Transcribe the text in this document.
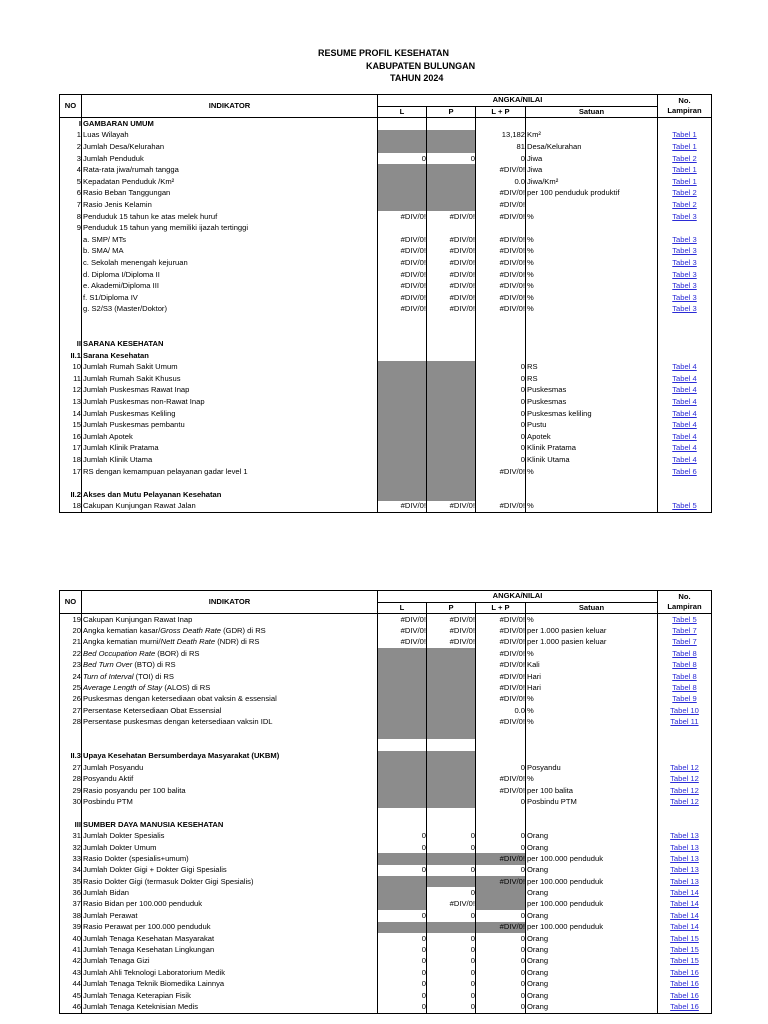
RESUME PROFIL KESEHATAN
KABUPATEN BULUNGAN
TAHUN 2024
NO	INDIKATOR	ANGKA/NILAI				No.
Lampiran
		L	P	L + P	Satuan	
I	GAMBARAN UMUM					
1	Luas Wilayah			13,182	Km²	Tabel 1
2	Jumlah Desa/Kelurahan			81	Desa/Kelurahan	Tabel 1
3	Jumlah Penduduk	0	0	0	Jiwa	Tabel 2
4	Rata-rata jiwa/rumah tangga			#DIV/0!	Jiwa	Tabel 1
5	Kepadatan Penduduk /Km²			0.0	Jiwa/Km²	Tabel 1
6	Rasio Beban Tanggungan			#DIV/0!	per 100 penduduk produktif	Tabel 2
7	Rasio Jenis Kelamin			#DIV/0!		Tabel 2
8	Penduduk 15 tahun ke atas melek huruf	#DIV/0!	#DIV/0!	#DIV/0!	%	Tabel 3
9	Penduduk 15 tahun yang memiliki ijazah tertinggi					
	a. SMP/ MTs	#DIV/0!	#DIV/0!	#DIV/0!	%	Tabel 3
	b. SMA/ MA	#DIV/0!	#DIV/0!	#DIV/0!	%	Tabel 3
	c. Sekolah menengah kejuruan	#DIV/0!	#DIV/0!	#DIV/0!	%	Tabel 3
	d. Diploma I/Diploma II	#DIV/0!	#DIV/0!	#DIV/0!	%	Tabel 3
	e. Akademi/Diploma III	#DIV/0!	#DIV/0!	#DIV/0!	%	Tabel 3
	f. S1/Diploma IV	#DIV/0!	#DIV/0!	#DIV/0!	%	Tabel 3
	g. S2/S3 (Master/Doktor)	#DIV/0!	#DIV/0!	#DIV/0!	%	Tabel 3

II	SARANA KESEHATAN					
II.1	Sarana Kesehatan					
10	Jumlah Rumah Sakit Umum			0	RS	Tabel 4
11	Jumlah Rumah Sakit Khusus			0	RS	Tabel 4
12	Jumlah Puskesmas Rawat Inap			0	Puskesmas	Tabel 4
13	Jumlah Puskesmas non-Rawat Inap			0	Puskesmas	Tabel 4
14	Jumlah Puskesmas Keliling			0	Puskesmas keliling	Tabel 4
15	Jumlah Puskesmas pembantu			0	Pustu	Tabel 4
16	Jumlah Apotek			0	Apotek	Tabel 4
17	Jumlah Klinik Pratama			0	Klinik Pratama	Tabel 4
18	Jumlah Klinik Utama			0	Klinik Utama	Tabel 4
17	RS dengan kemampuan pelayanan gadar level 1			#DIV/0!	%	Tabel 6

II.2	Akses dan Mutu Pelayanan Kesehatan					
18	Cakupan Kunjungan Rawat Jalan	#DIV/0!	#DIV/0!	#DIV/0!	%	Tabel 5
NO	INDIKATOR	ANGKA/NILAI				No.
Lampiran
		L	P	L + P	Satuan	
19	Cakupan Kunjungan Rawat Inap	#DIV/0!	#DIV/0!	#DIV/0!	%	Tabel 5
20	Angka kematian kasar/Gross Death Rate (GDR) di RS	#DIV/0!	#DIV/0!	#DIV/0!	per 1.000 pasien keluar	Tabel 7
21	Angka kematian murni/Nett Death Rate (NDR) di RS	#DIV/0!	#DIV/0!	#DIV/0!	per 1.000 pasien keluar	Tabel 7
22	Bed Occupation Rate (BOR) di RS			#DIV/0!	%	Tabel 8
23	Bed Turn Over (BTO) di RS			#DIV/0!	Kali	Tabel 8
24	Turn of Interval (TOI) di RS			#DIV/0!	Hari	Tabel 8
25	Average Length of Stay (ALOS) di RS			#DIV/0!	Hari	Tabel 8
26	Puskesmas dengan ketersediaan obat vaksin & essensial			#DIV/0!	%	Tabel 9
27	Persentase Ketersediaan Obat Essensial			0.0	%	Tabel 10
28	Persentase puskesmas dengan ketersediaan vaksin IDL			#DIV/0!	%	Tabel 11

II.3	Upaya Kesehatan Bersumberdaya Masyarakat (UKBM)					
27	Jumlah Posyandu			0	Posyandu	Tabel 12
28	Posyandu Aktif			#DIV/0!	%	Tabel 12
29	Rasio posyandu per 100 balita			#DIV/0!	per 100 balita	Tabel 12
30	Posbindu PTM			0	Posbindu PTM	Tabel 12

III	SUMBER DAYA MANUSIA KESEHATAN					
31	Jumlah Dokter Spesialis	0	0	0	Orang	Tabel 13
32	Jumlah Dokter Umum	0	0	0	Orang	Tabel 13
33	Rasio Dokter (spesialis+umum)			#DIV/0!	per 100.000 penduduk	Tabel 13
34	Jumlah Dokter Gigi + Dokter Gigi Spesialis	0	0	0	Orang	Tabel 13
35	Rasio Dokter Gigi (termasuk Dokter Gigi Spesialis)			#DIV/0!	per 100.000 penduduk	Tabel 13
36	Jumlah Bidan		0		Orang	Tabel 14
37	Rasio Bidan per 100.000 penduduk		#DIV/0!		per 100.000 penduduk	Tabel 14
38	Jumlah Perawat	0	0	0	Orang	Tabel 14
39	Rasio Perawat per 100.000 penduduk			#DIV/0!	per 100.000 penduduk	Tabel 14
40	Jumlah Tenaga Kesehatan Masyarakat	0	0	0	Orang	Tabel 15
41	Jumlah Tenaga Kesehatan Lingkungan	0	0	0	Orang	Tabel 15
42	Jumlah Tenaga Gizi	0	0	0	Orang	Tabel 15
43	Jumlah Ahli Teknologi Laboratorium Medik	0	0	0	Orang	Tabel 16
44	Jumlah Tenaga Teknik Biomedika Lainnya	0	0	0	Orang	Tabel 16
45	Jumlah Tenaga Keterapian Fisik	0	0	0	Orang	Tabel 16
46	Jumlah Tenaga Keteknisian Medis	0	0	0	Orang	Tabel 16
